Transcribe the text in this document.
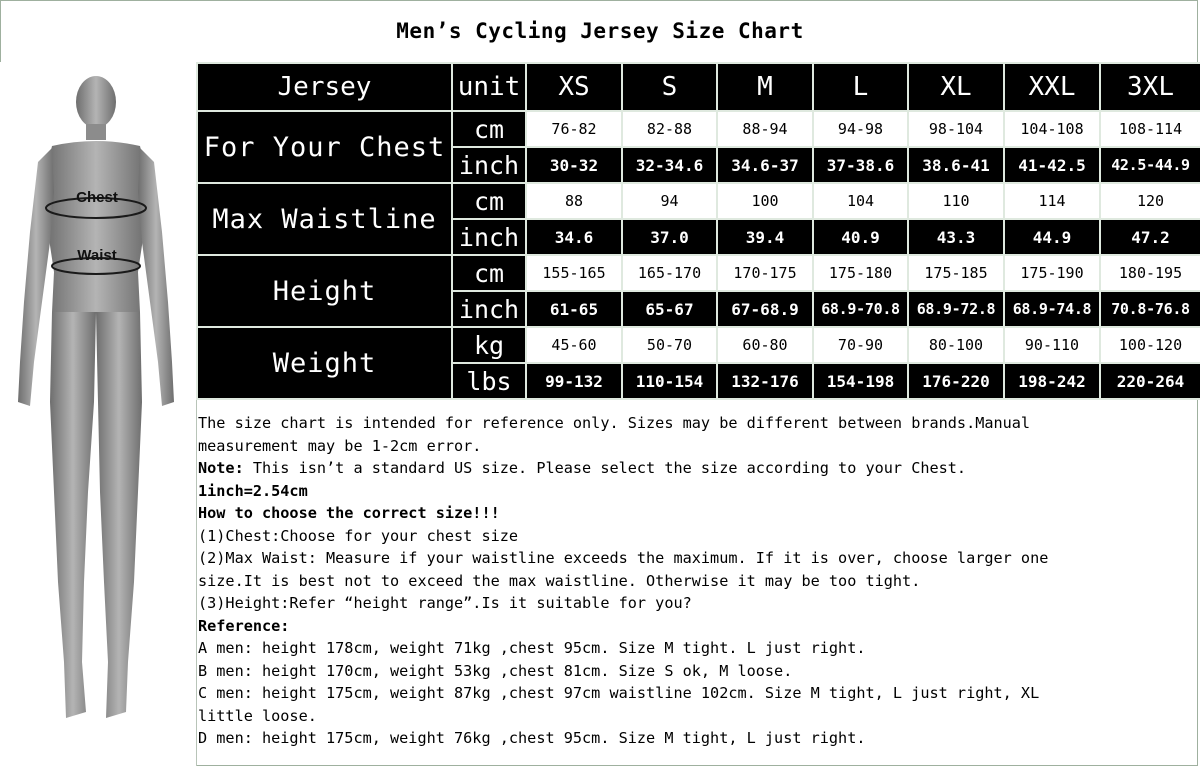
Men’s Cycling Jersey Size Chart
Chest
Waist
Jersey	unit	XS	S	M	L	XL	XXL	3XL
For Your Chest	cm	76-82	82-88	88-94	94-98	98-104	104-108	108-114
	inch	30-32	32-34.6	34.6-37	37-38.6	38.6-41	41-42.5	42.5-44.9
Max Waistline	cm	88	94	100	104	110	114	120
	inch	34.6	37.0	39.4	40.9	43.3	44.9	47.2
Height	cm	155-165	165-170	170-175	175-180	175-185	175-190	180-195
	inch	61-65	65-67	67-68.9	68.9-70.8	68.9-72.8	68.9-74.8	70.8-76.8
Weight	kg	45-60	50-70	60-80	70-90	80-100	90-110	100-120
	lbs	99-132	110-154	132-176	154-198	176-220	198-242	220-264

The size chart is intended for reference only. Sizes may be different between brands.Manual

measurement may be 1-2cm error.

Note: This isn’t a standard US size. Please select the size according to your Chest.

1inch=2.54cm

How to choose the correct size!!!

(1)Chest:Choose for your chest size

(2)Max Waist: Measure if your waistline exceeds the maximum. If it is over, choose larger one

size.It is best not to exceed the max waistline. Otherwise it may be too tight.

(3)Height:Refer “height range”.Is it suitable for you?

Reference:

A men: height 178cm, weight 71kg ,chest 95cm. Size M tight. L just right.

B men: height 170cm, weight 53kg ,chest 81cm. Size S ok, M loose.

C men: height 175cm, weight 87kg ,chest 97cm waistline 102cm. Size M tight, L just right, XL

little loose.

D men: height 175cm, weight 76kg ,chest 95cm. Size M tight, L just right.
